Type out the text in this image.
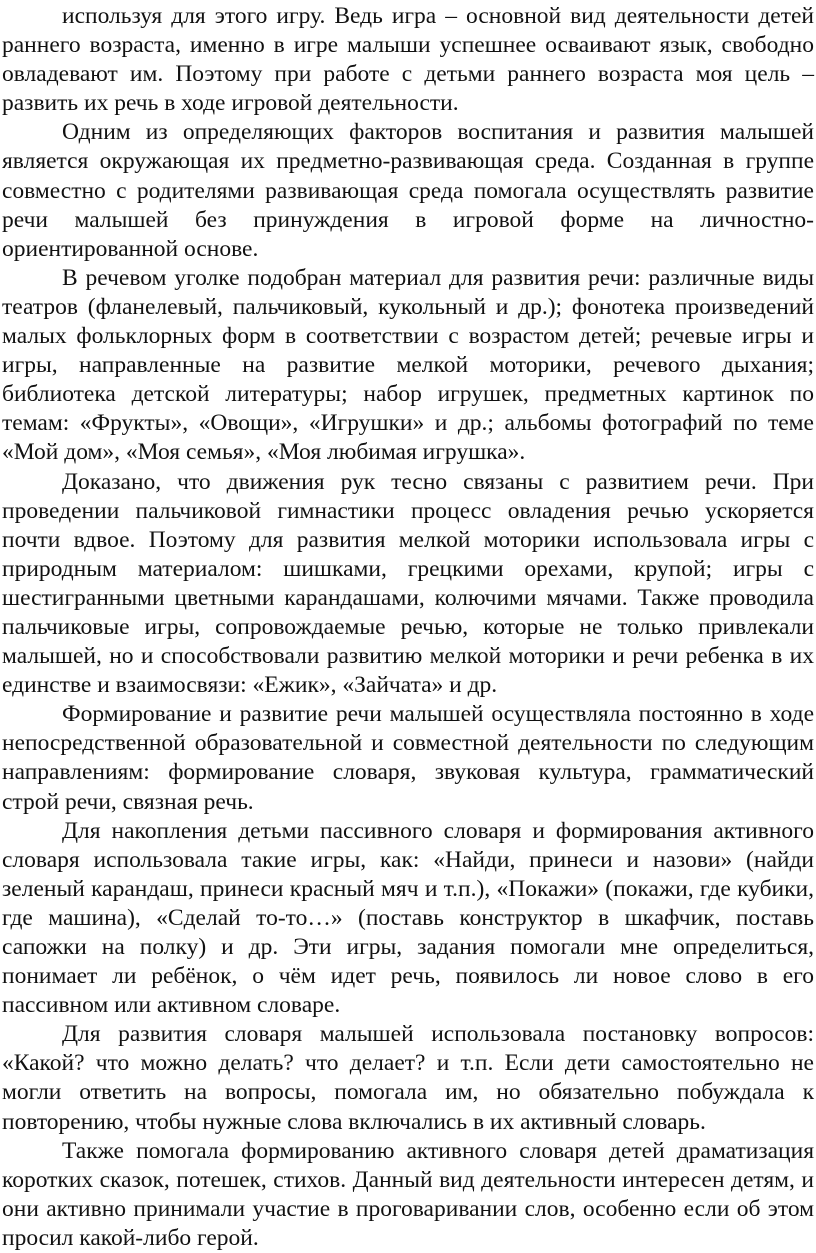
используя для этого игру. Ведь игра – основной вид деятельности детей раннего возраста, именно в игре малыши успешнее осваивают язык, свободно овладевают им. Поэтому при работе с детьми раннего возраста моя цель – развить их речь в ходе игровой деятельности.

Одним из определяющих факторов воспитания и развития малышей является окружающая их предметно-развивающая среда. Созданная в группе совместно с родителями развивающая среда помогала осуществлять развитие речи малышей без принуждения в игровой форме на личностно-ориентированной основе.

В речевом уголке подобран материал для развития речи: различные виды театров (фланелевый, пальчиковый, кукольный и др.); фонотека произведений малых фольклорных форм в соответствии с возрастом детей; речевые игры и игры, направленные на развитие мелкой моторики, речевого дыхания; библиотека детской литературы; набор игрушек, предметных картинок по темам: «Фрукты», «Овощи», «Игрушки» и др.; альбомы фотографий по теме «Мой дом», «Моя семья», «Моя любимая игрушка».

Доказано, что движения рук тесно связаны с развитием речи. При проведении пальчиковой гимнастики процесс овладения речью ускоряется почти вдвое. Поэтому для развития мелкой моторики использовала игры с природным материалом: шишками, грецкими орехами, крупой; игры с шестигранными цветными карандашами, колючими мячами. Также проводила пальчиковые игры, сопровождаемые речью, которые не только привлекали малышей, но и способствовали развитию мелкой моторики и речи ребенка в их единстве и взаимосвязи: «Ежик», «Зайчата» и др.

Формирование и развитие речи малышей осуществляла постоянно в ходе непосредственной образовательной и совместной деятельности по следующим направлениям: формирование словаря, звуковая культура, грамматический строй речи, связная речь.

Для накопления детьми пассивного словаря и формирования активного словаря использовала такие игры, как: «Найди, принеси и назови» (найди зеленый карандаш, принеси красный мяч и т.п.), «Покажи» (покажи, где кубики, где машина), «Сделай то-то…» (поставь конструктор в шкафчик, поставь сапожки на полку) и др. Эти игры, задания помогали мне определиться, понимает ли ребёнок, о чём идет речь, появилось ли новое слово в его пассивном или активном словаре.

Для развития словаря малышей использовала постановку вопросов: «Какой? что можно делать? что делает? и т.п. Если дети самостоятельно не могли ответить на вопросы, помогала им, но обязательно побуждала к повторению, чтобы нужные слова включались в их активный словарь.

Также помогала формированию активного словаря детей драматизация коротких сказок, потешек, стихов. Данный вид деятельности интересен детям, и они активно принимали участие в проговаривании слов, особенно если об этом просил какой-либо герой.
